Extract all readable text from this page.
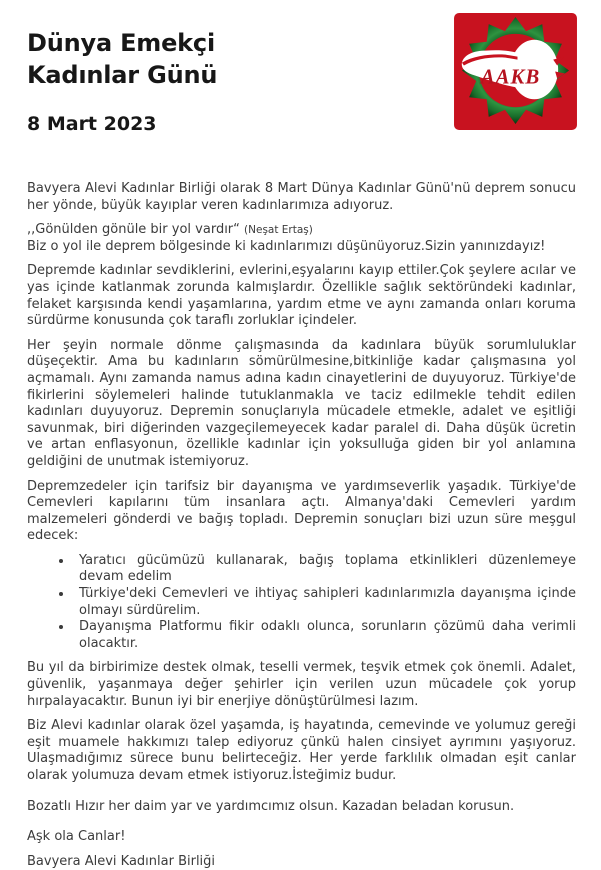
Dünya Emekçi
Kadınlar Günü
8 Mart 2023
AAKB

Bavyera Alevi Kadınlar Birliği olarak 8 Mart Dünya Kadınlar Günü'nü deprem sonucu her yönde, büyük kayıplar veren kadınlarımıza adıyoruz.

,,Gönülden gönüle bir yol vardır“ (Neşat Ertaş)
Biz o yol ile deprem bölgesinde ki kadınlarımızı düşünüyoruz.Sizin yanınızdayız!

Depremde kadınlar sevdiklerini, evlerini,eşyalarını kayıp ettiler.Çok şeylere acılar ve yas içinde katlanmak zorunda kalmışlardır. Özellikle sağlık sektöründeki kadınlar, felaket karşısında kendi yaşamlarına, yardım etme ve aynı zamanda onları koruma sürdürme konusunda çok taraflı zorluklar içindeler.

Her şeyin normale dönme çalışmasında da kadınlara büyük sorumluluklar düşeçektir. Ama bu kadınların sömürülmesine,bitkinliğe kadar çalışmasına yol açmamalı. Aynı zamanda namus adına kadın cinayetlerini de duyuyoruz. Türkiye'de fikirlerini söylemeleri halinde tutuklanmakla ve taciz edilmekle tehdit edilen kadınları duyuyoruz. Depremin sonuçlarıyla mücadele etmekle, adalet ve eşitliği savunmak, biri diğerinden vazgeçilemeyecek kadar paralel di. Daha düşük ücretin ve artan enflasyonun, özellikle kadınlar için yoksulluğa giden bir yol anlamına geldiğini de unutmak istemiyoruz.

Depremzedeler için tarifsiz bir dayanışma ve yardımseverlik yaşadık. Türkiye'de Cemevleri kapılarını tüm insanlara açtı. Almanya'daki Cemevleri yardım malzemeleri gönderdi ve bağış topladı. Depremin sonuçları bizi uzun süre meşgul edecek:

• Yaratıcı gücümüzü kullanarak, bağış toplama etkinlikleri düzenlemeye devam edelim
• Türkiye'deki Cemevleri ve ihtiyaç sahipleri kadınlarımızla dayanışma içinde olmayı sürdürelim.
• Dayanışma Platformu fikir odaklı olunca, sorunların çözümü daha verimli olacaktır.

Bu yıl da birbirimize destek olmak, teselli vermek, teşvik etmek çok önemli. Adalet, güvenlik, yaşanmaya değer şehirler için verilen uzun mücadele çok yorup hırpalayacaktır. Bunun iyi bir enerjiye dönüştürülmesi lazım.

Biz Alevi kadınlar olarak özel yaşamda, iş hayatında, cemevinde ve yolumuz gereği eşit muamele hakkımızı talep ediyoruz çünkü halen cinsiyet ayrımını yaşıyoruz. Ulaşmadığımız sürece bunu belirteceğiz. Her yerde farklılık olmadan eşit canlar olarak yolumuza devam etmek istiyoruz.İsteğimiz budur.

Bozatlı Hızır her daim yar ve yardımcımız olsun. Kazadan beladan korusun.

Aşk ola Canlar!

Bavyera Alevi Kadınlar Birliği
